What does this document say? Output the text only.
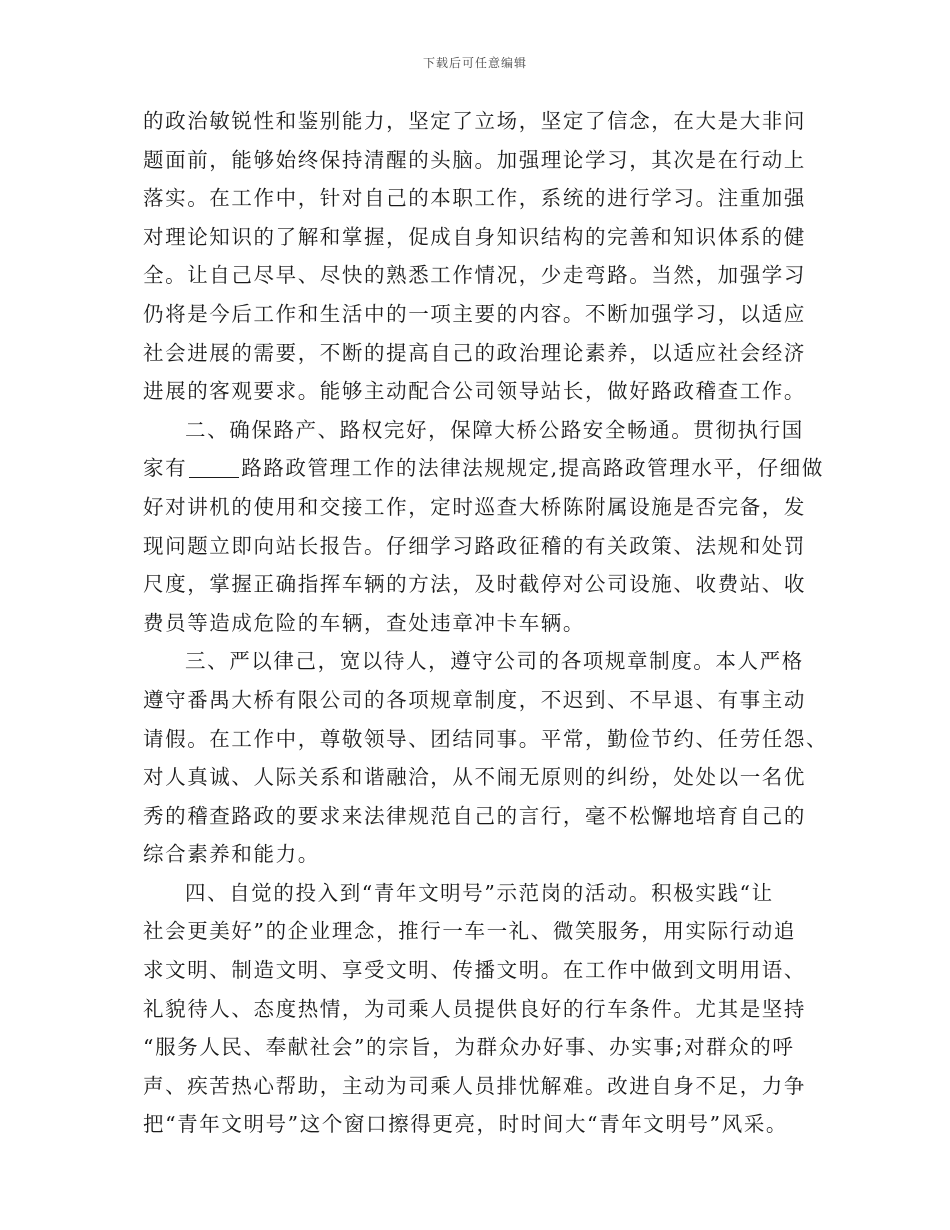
下载后可任意编辑
的政治敏锐性和鉴别能力，坚定了立场，坚定了信念，在大是大非问
题面前，能够始终保持清醒的头脑。加强理论学习，其次是在行动上
落实。在工作中，针对自己的本职工作，系统的进行学习。注重加强
对理论知识的了解和掌握，促成自身知识结构的完善和知识体系的健
全。让自己尽早、尽快的熟悉工作情况，少走弯路。当然，加强学习
仍将是今后工作和生活中的一项主要的内容。不断加强学习，以适应
社会进展的需要，不断的提高自己的政治理论素养，以适应社会经济
进展的客观要求。能够主动配合公司领导站长，做好路政稽查工作。
二、确保路产、路权完好，保障大桥公路安全畅通。贯彻执行国
家有	路路政管理工作的法律法规规定,提高路政管理水平，仔细做
好对讲机的使用和交接工作，定时巡查大桥陈附属设施是否完备，发
现问题立即向站长报告。仔细学习路政征稽的有关政策、法规和处罚
尺度，掌握正确指挥车辆的方法，及时截停对公司设施、收费站、收
费员等造成危险的车辆，查处违章冲卡车辆。
三、严以律己，宽以待人，遵守公司的各项规章制度。本人严格
遵守番禺大桥有限公司的各项规章制度，不迟到、不早退、有事主动
请假。在工作中，尊敬领导、团结同事。平常，勤俭节约、任劳任怨、
对人真诚、人际关系和谐融洽，从不闹无原则的纠纷，处处以一名优
秀的稽查路政的要求来法律规范自己的言行，毫不松懈地培育自己的
综合素养和能力。
四、自觉的投入到“青年文明号”示范岗的活动。积极实践“让
社会更美好”的企业理念，推行一车一礼、微笑服务，用实际行动追
求文明、制造文明、享受文明、传播文明。在工作中做到文明用语、
礼貌待人、态度热情，为司乘人员提供良好的行车条件。尤其是坚持
“服务人民、奉献社会”的宗旨，为群众办好事、办实事;对群众的呼
声、疾苦热心帮助，主动为司乘人员排忧解难。改进自身不足，力争
把“青年文明号”这个窗口擦得更亮，时时间大“青年文明号”风采。
